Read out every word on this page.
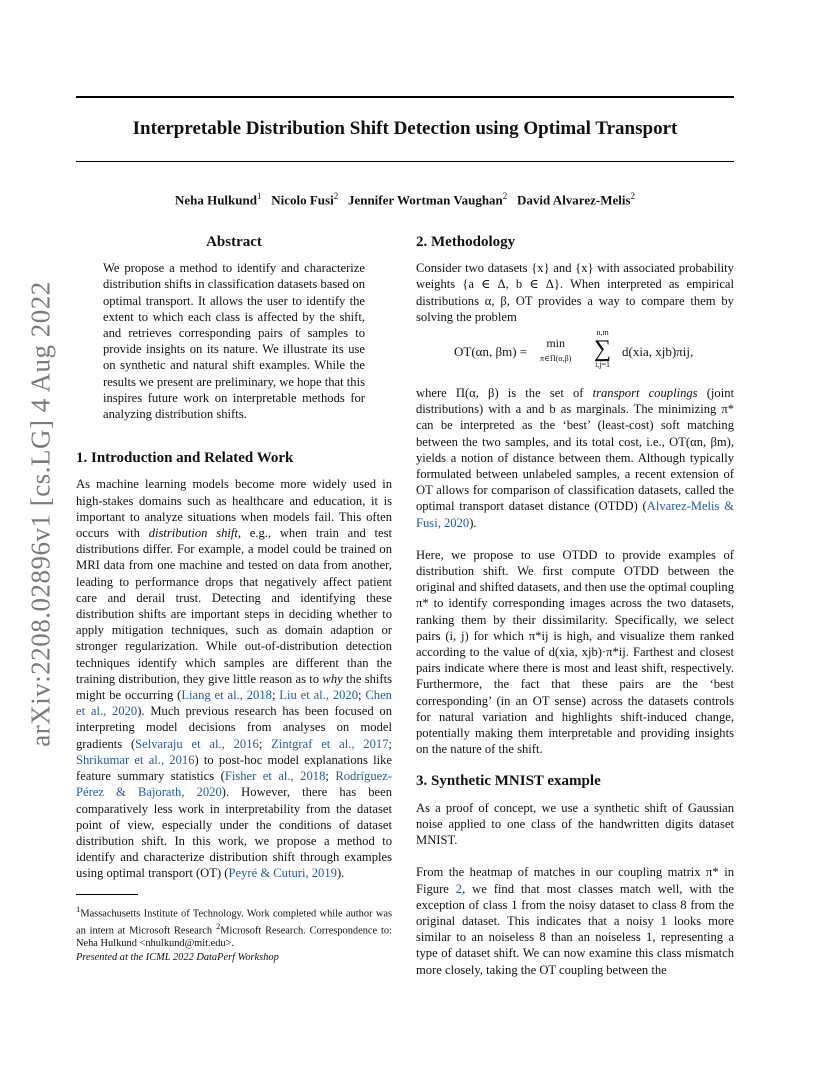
Interpretable Distribution Shift Detection using Optimal Transport
Neha Hulkund$^1$ Nicolo Fusi$^2$ Jennifer Wortman Vaughan$^2$ David Alvarez-Melis$^2$
arXiv:2208.02896v1 [cs.LG] 4 Aug 2022
Abstract

We propose a method to identify and characterize distribution shifts in classification datasets based on optimal transport. It allows the user to identify the extent to which each class is affected by the shift, and retrieves corresponding pairs of samples to provide insights on its nature. We illustrate its use on synthetic and natural shift examples. While the results we present are preliminary, we hope that this inspires future work on interpretable methods for analyzing distribution shifts.

1. Introduction and Related Work

As machine learning models become more widely used in high-stakes domains such as healthcare and education, it is important to analyze situations when models fail. This often occurs with distribution shift, e.g., when train and test distributions differ. For example, a model could be trained on MRI data from one machine and tested on data from another, leading to performance drops that negatively affect patient care and derail trust. Detecting and identifying these distribution shifts are important steps in deciding whether to apply mitigation techniques, such as domain adaption or stronger regularization. While out-of-distribution detection techniques identify which samples are different than the training distribution, they give little reason as to why the shifts might be occurring (Liang et al., 2018; Liu et al., 2020; Chen et al., 2020). Much previous research has been focused on interpreting model decisions from analyses on model gradients (Selvaraju et al., 2016; Zintgraf et al., 2017; Shrikumar et al., 2016) to post-hoc model explanations like feature summary statistics (Fisher et al., 2018; Rodríguez-Pérez & Bajorath, 2020). However, there has been comparatively less work in interpretability from the dataset point of view, especially under the conditions of dataset distribution shift. In this work, we propose a method to identify and characterize distribution shift through examples using optimal transport (OT) (Peyré & Cuturi, 2019).

$^1$Massachusetts Institute of Technology. Work completed while author was an intern at Microsoft Research $^2$Microsoft Research. Correspondence to: Neha Hulkund <nhulkund@mit.edu>.

Presented at the ICML 2022 DataPerf Workshop

2. Methodology

Consider two datasets {x} and {x} with associated probability weights {a ∈ Δ, b ∈ Δ}. When interpreted as empirical distributions α, β, OT provides a way to compare them by solving the problem

OT(αn, βm) =
min
π∈Π(α,β)
n,m
∑
i,j=1
d(xia, xjb)πij,

where Π(α, β) is the set of transport couplings (joint distributions) with a and b as marginals. The minimizing π* can be interpreted as the ‘best’ (least-cost) soft matching between the two samples, and its total cost, i.e., OT(αn, βm), yields a notion of distance between them. Although typically formulated between unlabeled samples, a recent extension of OT allows for comparison of classification datasets, called the optimal transport dataset distance (OTDD) (Alvarez-Melis & Fusi, 2020).

Here, we propose to use OTDD to provide examples of distribution shift. We first compute OTDD between the original and shifted datasets, and then use the optimal coupling π* to identify corresponding images across the two datasets, ranking them by their dissimilarity. Specifically, we select pairs (i, j) for which π*ij is high, and visualize them ranked according to the value of d(xia, xjb)·π*ij. Farthest and closest pairs indicate where there is most and least shift, respectively. Furthermore, the fact that these pairs are the ‘best corresponding’ (in an OT sense) across the datasets controls for natural variation and highlights shift-induced change, potentially making them interpretable and providing insights on the nature of the shift.

3. Synthetic MNIST example

As a proof of concept, we use a synthetic shift of Gaussian noise applied to one class of the handwritten digits dataset MNIST.

From the heatmap of matches in our coupling matrix π* in Figure 2, we find that most classes match well, with the exception of class 1 from the noisy dataset to class 8 from the original dataset. This indicates that a noisy 1 looks more similar to an noiseless 8 than an noiseless 1, representing a type of dataset shift. We can now examine this class mismatch more closely, taking the OT coupling between the
